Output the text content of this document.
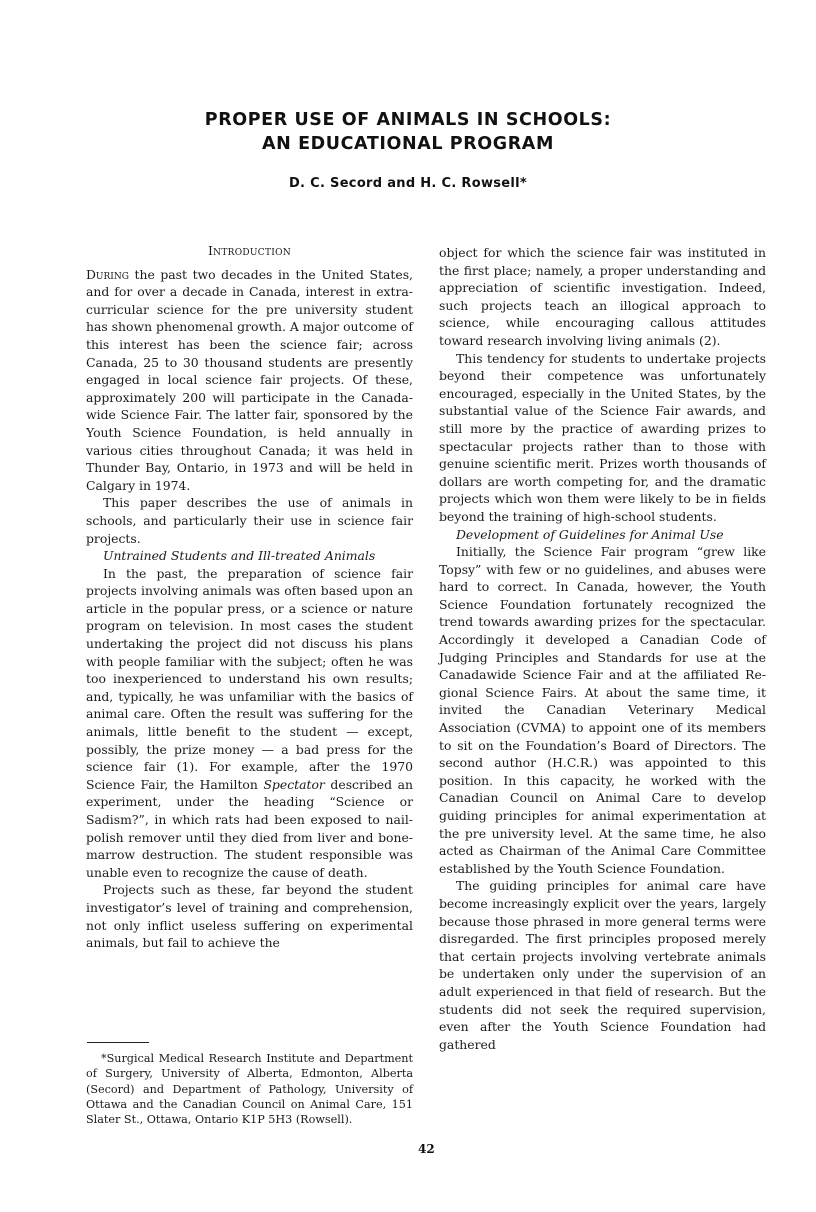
PROPER USE OF ANIMALS IN SCHOOLS:
AN EDUCATIONAL PROGRAM
D. C. Secord and H. C. Rowsell*
Introduction

During the past two decades in the United States, and for over a decade in Canada, interest in extra-curricular science for the pre university student has shown phenomenal growth. A major outcome of this interest has been the science fair; across Canada, 25 to 30 thousand students are presently engaged in local science fair projects. Of these, approximately 200 will participate in the Canadawide Science Fair. The latter fair, sponsored by the Youth Science Foundation, is held annually in various cities throughout Canada; it was held in Thunder Bay, Ontario, in 1973 and will be held in Calgary in 1974.

This paper describes the use of animals in schools, and particularly their use in science fair projects.

Untrained Students and Ill-treated Animals

In the past, the preparation of science fair projects involving animals was often based upon an article in the popular press, or a science or nature program on television. In most cases the student undertaking the project did not discuss his plans with people familiar with the subject; often he was too inexperienced to understand his own results; and, typically, he was unfamiliar with the basics of animal care. Often the result was suffering for the animals, little benefit to the student — except, possibly, the prize money — a bad press for the science fair (1). For example, after the 1970 Science Fair, the Hamilton Spectator described an experiment, under the heading “Science or Sadism?”, in which rats had been exposed to nail-polish remover until they died from liver and bone-marrow destruction. The student responsible was unable even to recognize the cause of death.

Projects such as these, far beyond the student investigator’s level of training and comprehension, not only inflict useless suffering on experimental animals, but fail to achieve the

object for which the science fair was instituted in the first place; namely, a proper understanding and appreciation of scientific investigation. Indeed, such projects teach an illogical approach to science, while encouraging callous attitudes toward research involving living animals (2).

This tendency for students to undertake projects beyond their competence was unfortunately encouraged, especially in the United States, by the substantial value of the Science Fair awards, and still more by the practice of awarding prizes to spectacular projects rather than to those with genuine scientific merit. Prizes worth thousands of dollars are worth competing for, and the dramatic projects which won them were likely to be in fields beyond the training of high-school students.

Development of Guidelines for Animal Use

Initially, the Science Fair program “grew like Topsy” with few or no guidelines, and abuses were hard to correct. In Canada, however, the Youth Science Foundation fortunately recognized the trend towards awarding prizes for the spectacular. Accordingly it developed a Canadian Code of Judging Principles and Standards for use at the Canadawide Science Fair and at the affiliated Regional Science Fairs. At about the same time, it invited the Canadian Veterinary Medical Association (CVMA) to appoint one of its members to sit on the Foundation’s Board of Directors. The second author (H.C.R.) was appointed to this position. In this capacity, he worked with the Canadian Council on Animal Care to develop guiding principles for animal experimentation at the pre university level. At the same time, he also acted as Chairman of the Animal Care Committee established by the Youth Science Foundation.

The guiding principles for animal care have become increasingly explicit over the years, largely because those phrased in more general terms were disregarded. The first principles proposed merely that certain projects involving vertebrate animals be undertaken only under the supervision of an adult experienced in that field of research. But the students did not seek the required supervision, even after the Youth Science Foundation had gathered

*Surgical Medical Research Institute and Department of Surgery, University of Alberta, Edmonton, Alberta (Secord) and Department of Pathology, University of Ottawa and the Canadian Council on Animal Care, 151 Slater St., Ottawa, Ontario K1P 5H3 (Rowsell).

42
